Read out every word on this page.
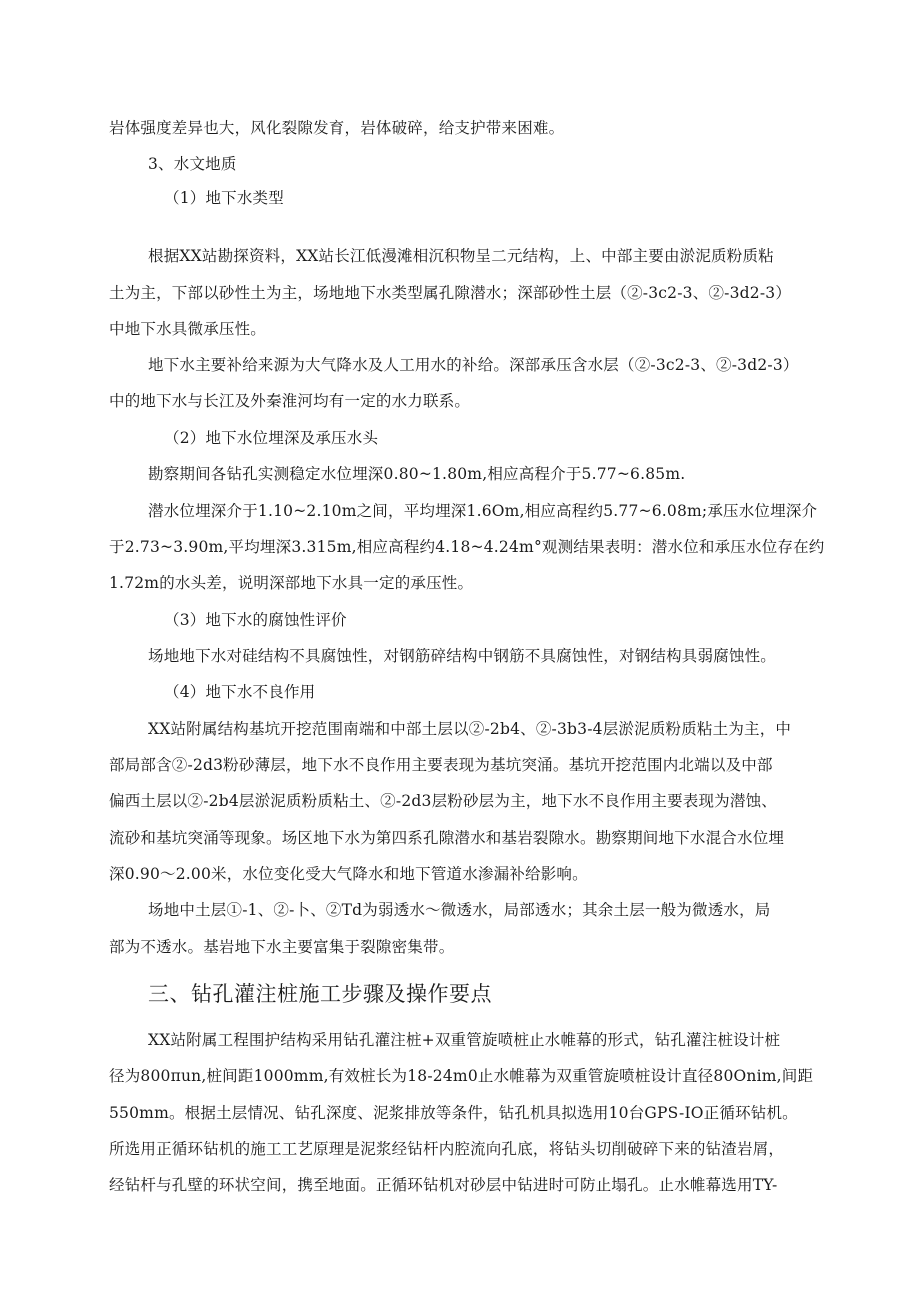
岩体强度差异也大，风化裂隙发育，岩体破碎，给支护带来困难。
3、水文地质
（1）地下水类型
根据XX站勘探资料，XX站长江低漫滩相沉积物呈二元结构，上、中部主要由淤泥质粉质粘
土为主，下部以砂性土为主，场地地下水类型属孔隙潜水；深部砂性土层（②-3c2-3、②-3d2-3）
中地下水具微承压性。
地下水主要补给来源为大气降水及人工用水的补给。深部承压含水层（②-3c2-3、②-3d2-3）
中的地下水与长江及外秦淮河均有一定的水力联系。
（2）地下水位埋深及承压水头
勘察期间各钻孔实测稳定水位埋深0.80~1.80m,相应高程介于5.77~6.85m.
潜水位埋深介于1.10~2.10m之间，平均埋深1.6Om,相应高程约5.77~6.08m;承压水位埋深介
于2.73~3.90m,平均埋深3.315m,相应高程约4.18~4.24m°观测结果表明：潜水位和承压水位存在约
1.72m的水头差，说明深部地下水具一定的承压性。
（3）地下水的腐蚀性评价
场地地下水对硅结构不具腐蚀性，对钢筋碎结构中钢筋不具腐蚀性，对钢结构具弱腐蚀性。
（4）地下水不良作用
XX站附属结构基坑开挖范围南端和中部土层以②-2b4、②-3b3-4层淤泥质粉质粘土为主，中
部局部含②-2d3粉砂薄层，地下水不良作用主要表现为基坑突涌。基坑开挖范围内北端以及中部
偏西土层以②-2b4层淤泥质粉质粘土、②-2d3层粉砂层为主，地下水不良作用主要表现为潜蚀、
流砂和基坑突涌等现象。场区地下水为第四系孔隙潜水和基岩裂隙水。勘察期间地下水混合水位埋
深0.90～2.00米，水位变化受大气降水和地下管道水渗漏补给影响。
场地中土层①-1、②-卜、②Td为弱透水～微透水，局部透水；其余土层一般为微透水，局
部为不透水。基岩地下水主要富集于裂隙密集带。
三、钻孔灌注桩施工步骤及操作要点
XX站附属工程围护结构采用钻孔灌注桩+双重管旋喷桩止水帷幕的形式，钻孔灌注桩设计桩
径为800πun,桩间距1000mm,有效桩长为18-24m0止水帷幕为双重管旋喷桩设计直径80Onim,间距
550mm。根据土层情况、钻孔深度、泥浆排放等条件，钻孔机具拟选用10台GPS-IO正循环钻机。
所选用正循环钻机的施工工艺原理是泥浆经钻杆内腔流向孔底，将钻头切削破碎下来的钻渣岩屑，
经钻杆与孔壁的环状空间，携至地面。正循环钻机对砂层中钻进时可防止塌孔。止水帷幕选用TY-
